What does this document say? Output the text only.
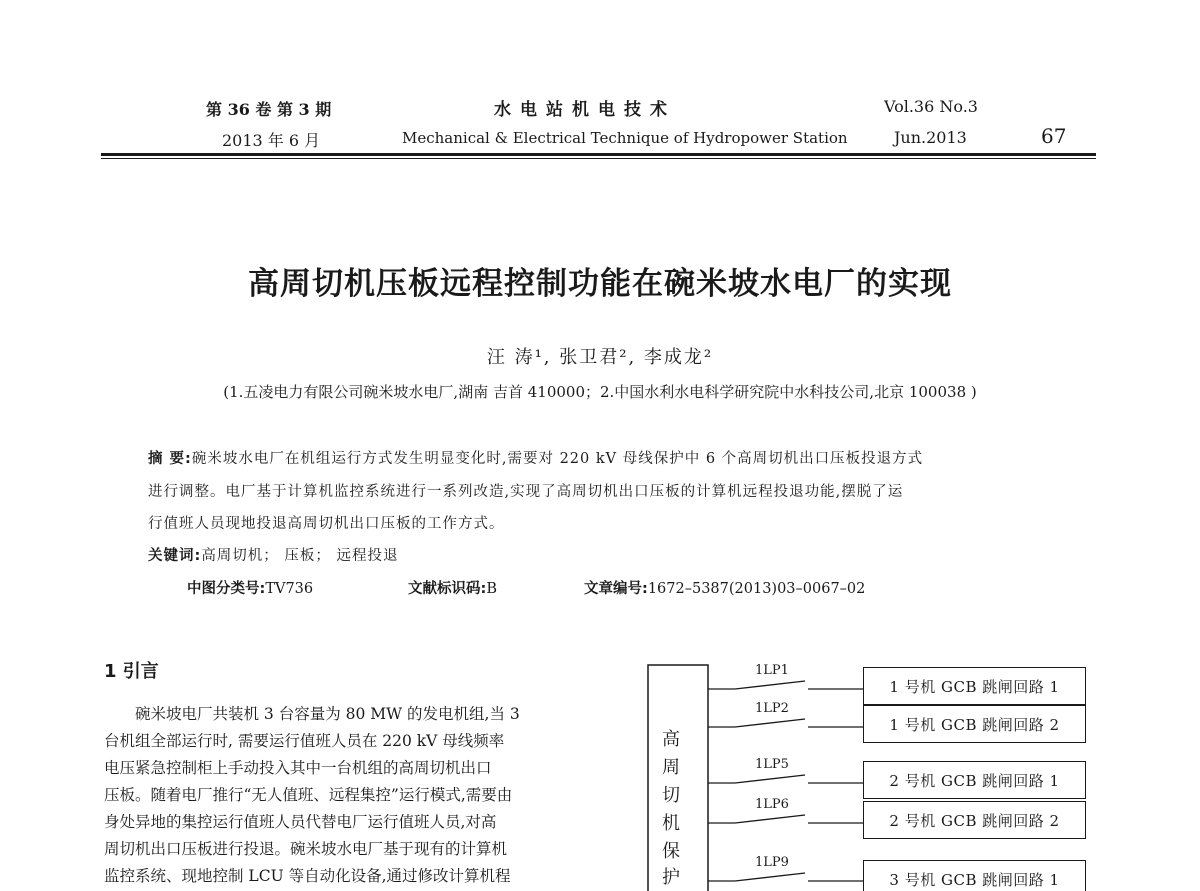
第 36 卷 第 3 期
2013 年 6 月
水电站机电技术
Mechanical & Electrical Technique of Hydropower Station
Vol.36 No.3
Jun.2013	67
高周切机压板远程控制功能在碗米坡水电厂的实现
汪 涛¹, 张卫君², 李成龙²
(1.五凌电力有限公司碗米坡水电厂,湖南 吉首 410000；2.中国水利水电科学研究院中水科技公司,北京 100038 )
摘 要:碗米坡水电厂在机组运行方式发生明显变化时,需要对 220 kV 母线保护中 6 个高周切机出口压板投退方式
进行调整。电厂基于计算机监控系统进行一系列改造,实现了高周切机出口压板的计算机远程投退功能,摆脱了运
行值班人员现地投退高周切机出口压板的工作方式。
关键词:高周切机； 压板； 远程投退
中图分类号:TV736	文献标识码:B	文章编号:1672–5387(2013)03–0067–02
1 引言
碗米坡电厂共装机 3 台容量为 80 MW 的发电机组,当 3
台机组全部运行时, 需要运行值班人员在 220 kV 母线频率
电压紧急控制柜上手动投入其中一台机组的高周切机出口
压板。随着电厂推行“无人值班、远程集控”运行模式,需要由
身处异地的集控运行值班人员代替电厂运行值班人员,对高
周切机出口压板进行投退。碗米坡水电厂基于现有的计算机
监控系统、现地控制 LCU 等自动化设备,通过修改计算机程
高
周
切
机
保
护
1LP1
1LP2
1LP5
1LP6
1LP9
1 号机 GCB 跳闸回路 1
1 号机 GCB 跳闸回路 2
2 号机 GCB 跳闸回路 1
2 号机 GCB 跳闸回路 2
3 号机 GCB 跳闸回路 1
